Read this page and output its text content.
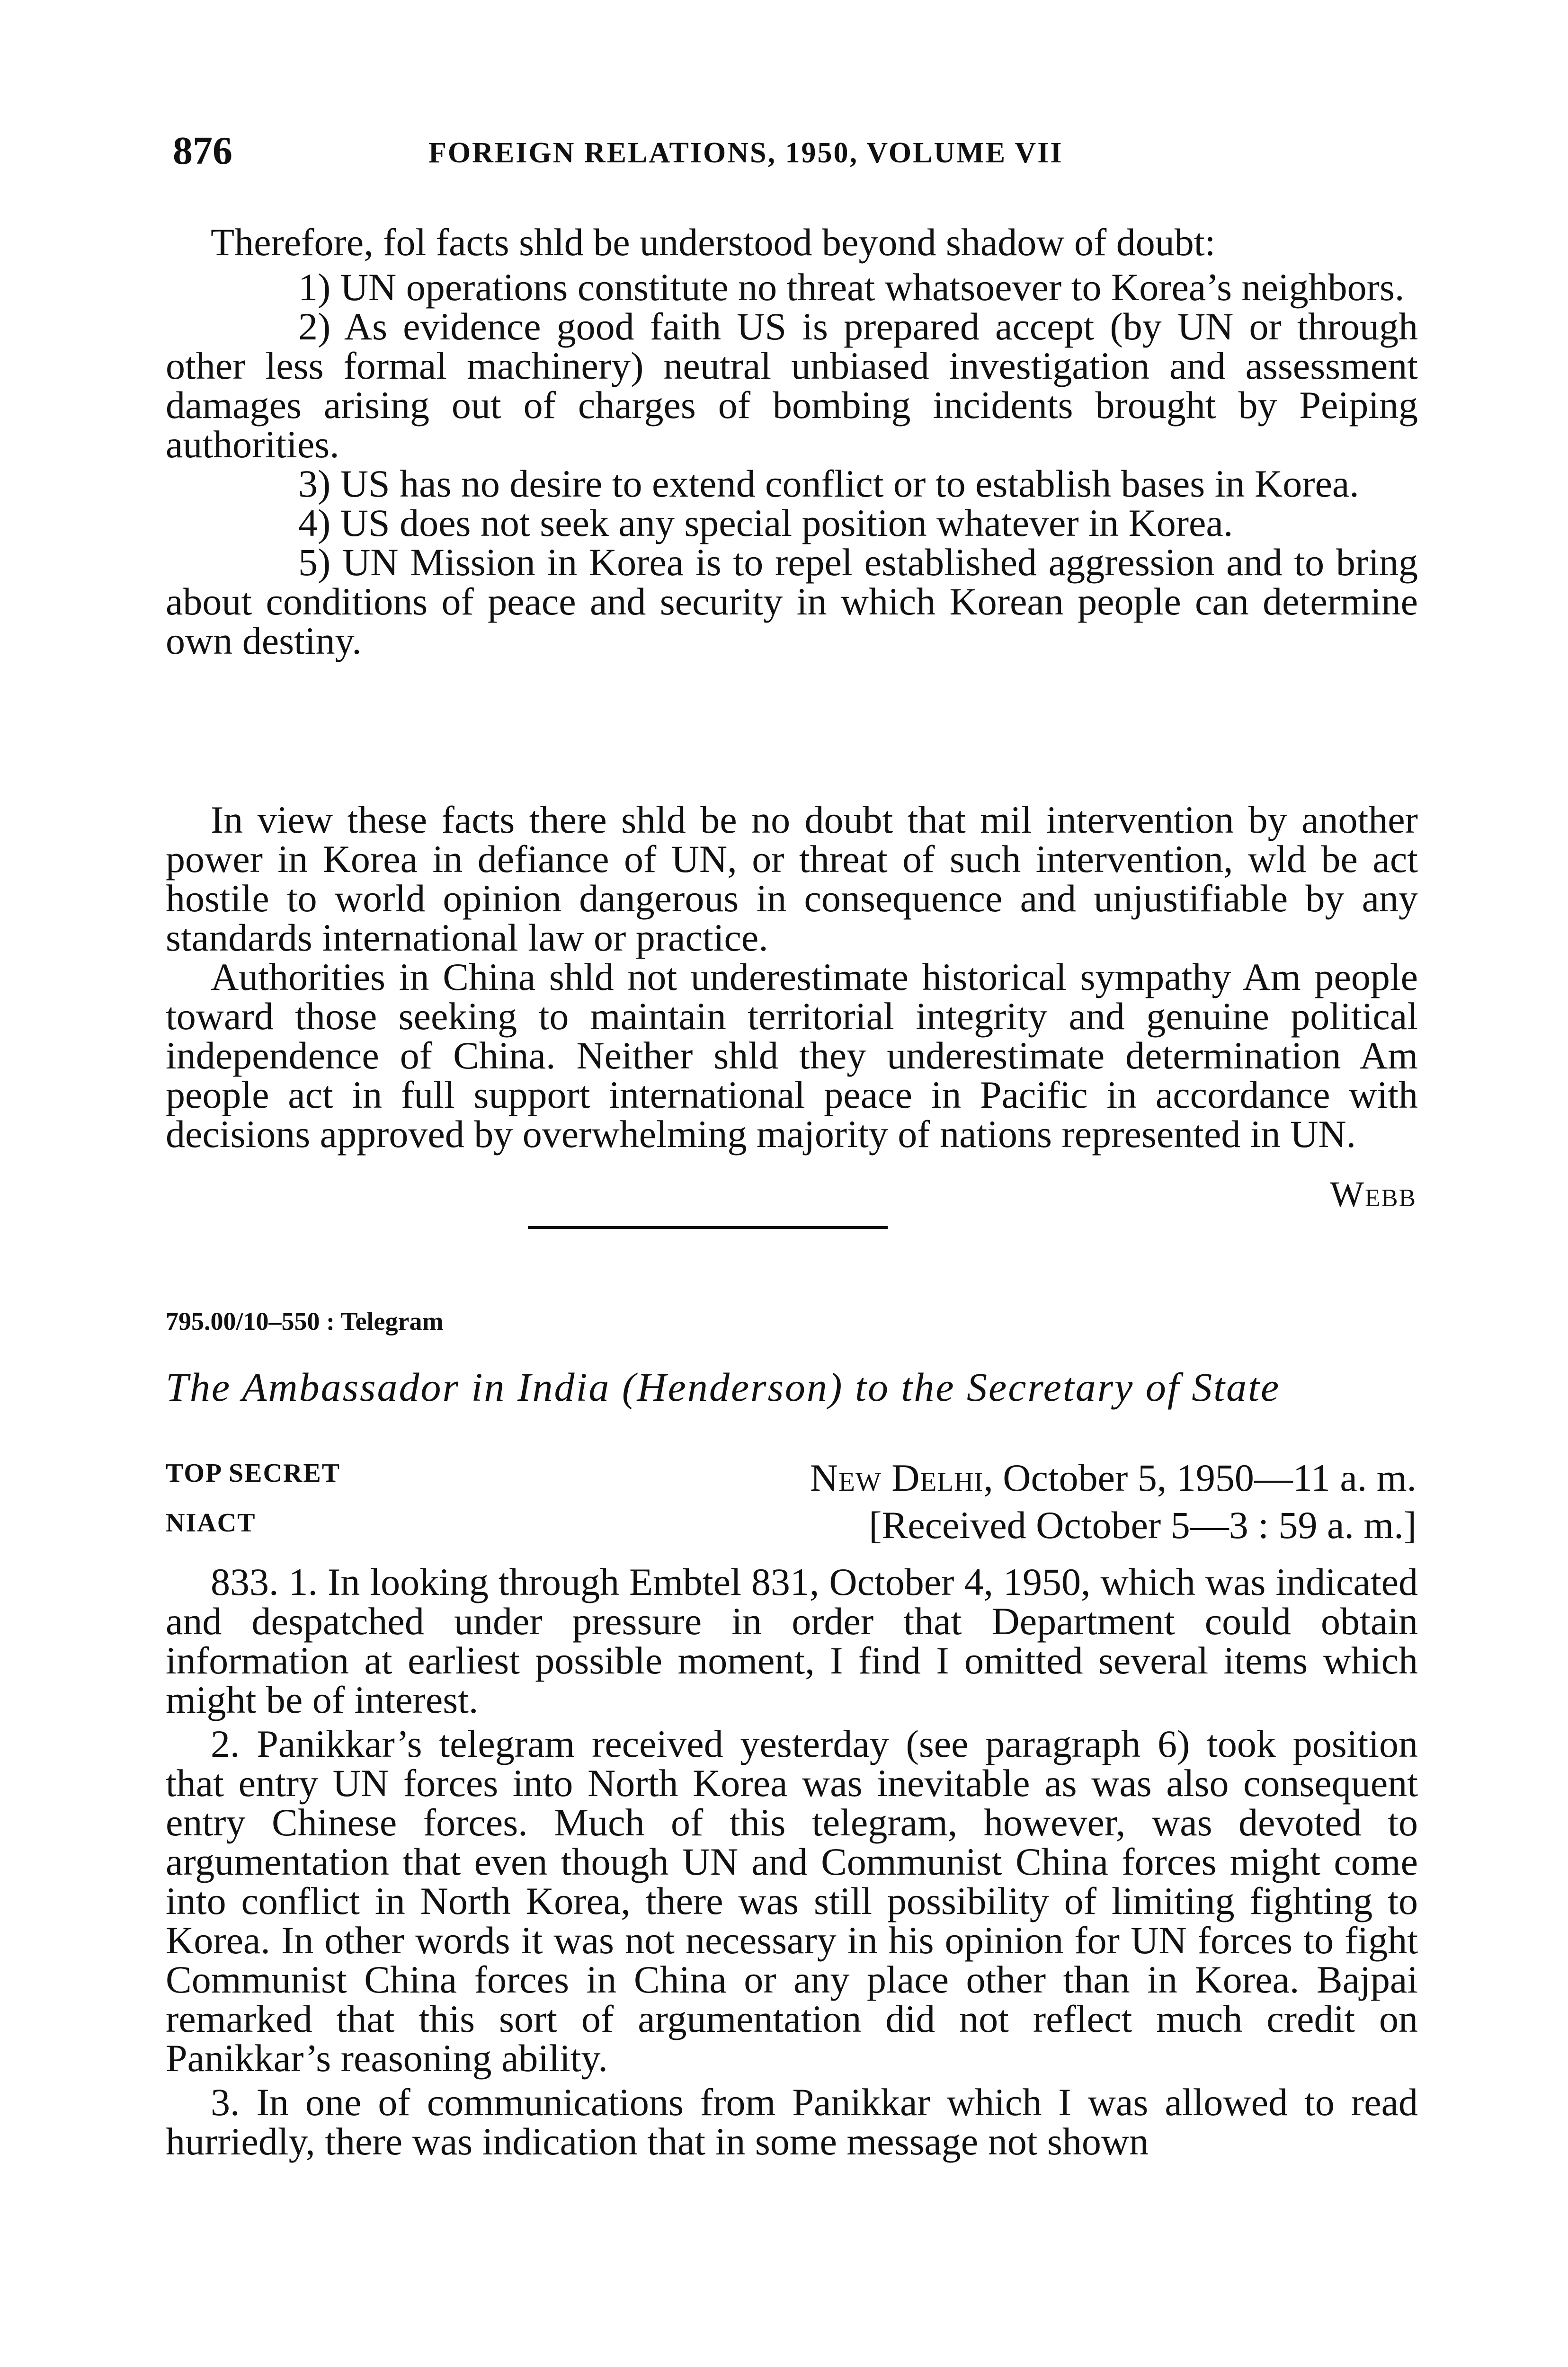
876	FOREIGN RELATIONS, 1950, VOLUME VII

Therefore, fol facts shld be understood beyond shadow of doubt:

1) UN operations constitute no threat whatsoever to Korea’s neighbors.

2) As evidence good faith US is prepared accept (by UN or through other less formal machinery) neutral unbiased investigation and assessment damages arising out of charges of bombing incidents brought by Peiping authorities.

3) US has no desire to extend conflict or to establish bases in Korea.

4) US does not seek any special position whatever in Korea.

5) UN Mission in Korea is to repel established aggression and to bring about conditions of peace and security in which Korean people can determine own destiny.

In view these facts there shld be no doubt that mil intervention by another power in Korea in defiance of UN, or threat of such intervention, wld be act hostile to world opinion dangerous in consequence and unjustifiable by any standards international law or practice.

Authorities in China shld not underestimate historical sympathy Am people toward those seeking to maintain territorial integrity and genuine political independence of China. Neither shld they underestimate determination Am people act in full support international peace in Pacific in accordance with decisions approved by overwhelming majority of nations represented in UN.

Webb
795.00/10–550 : Telegram
The Ambassador in India (Henderson) to the Secretary of State
TOP SECRET
NIACT
New Delhi, October 5, 1950—11 a. m.
[Received October 5—3 : 59 a. m.]

833. 1. In looking through Embtel 831, October 4, 1950, which was indicated and despatched under pressure in order that Department could obtain information at earliest possible moment, I find I omitted several items which might be of interest.

2. Panikkar’s telegram received yesterday (see paragraph 6) took position that entry UN forces into North Korea was inevitable as was also consequent entry Chinese forces. Much of this telegram, however, was devoted to argumentation that even though UN and Communist China forces might come into conflict in North Korea, there was still possibility of limiting fighting to Korea. In other words it was not necessary in his opinion for UN forces to fight Communist China forces in China or any place other than in Korea. Bajpai remarked that this sort of argumentation did not reflect much credit on Panikkar’s reasoning ability.

3. In one of communications from Panikkar which I was allowed to read hurriedly, there was indication that in some message not shown
